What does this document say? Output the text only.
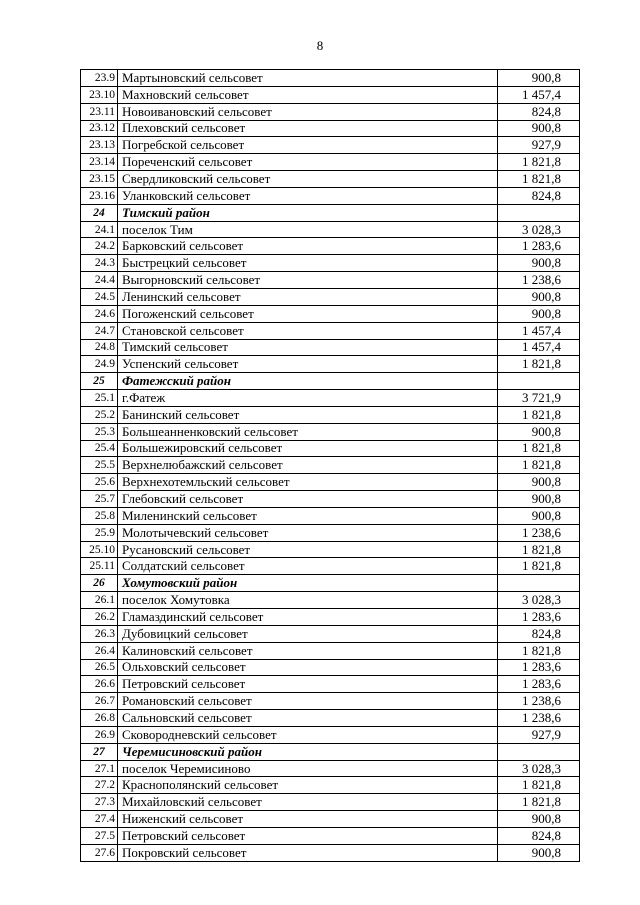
8
23.9	Мартыновский сельсовет	900,8
23.10	Махновский сельсовет	1 457,4
23.11	Новоивановский сельсовет	824,8
23.12	Плеховский сельсовет	900,8
23.13	Погребской сельсовет	927,9
23.14	Пореченский сельсовет	1 821,8
23.15	Свердликовский сельсовет	1 821,8
23.16	Уланковский сельсовет	824,8
24	Тимский район	
24.1	поселок Тим	3 028,3
24.2	Барковский сельсовет	1 283,6
24.3	Быстрецкий сельсовет	900,8
24.4	Выгорновский сельсовет	1 238,6
24.5	Ленинский сельсовет	900,8
24.6	Погоженский сельсовет	900,8
24.7	Становской сельсовет	1 457,4
24.8	Тимский сельсовет	1 457,4
24.9	Успенский сельсовет	1 821,8
25	Фатежский район	
25.1	г.Фатеж	3 721,9
25.2	Банинский сельсовет	1 821,8
25.3	Большеанненковский сельсовет	900,8
25.4	Большежировский сельсовет	1 821,8
25.5	Верхнелюбажский сельсовет	1 821,8
25.6	Верхнехотемльский сельсовет	900,8
25.7	Глебовский сельсовет	900,8
25.8	Миленинский сельсовет	900,8
25.9	Молотычевский сельсовет	1 238,6
25.10	Русановский сельсовет	1 821,8
25.11	Солдатский сельсовет	1 821,8
26	Хомутовский район	
26.1	поселок Хомутовка	3 028,3
26.2	Гламаздинский сельсовет	1 283,6
26.3	Дубовицкий сельсовет	824,8
26.4	Калиновский сельсовет	1 821,8
26.5	Ольховский сельсовет	1 283,6
26.6	Петровский сельсовет	1 283,6
26.7	Романовский сельсовет	1 238,6
26.8	Сальновский сельсовет	1 238,6
26.9	Сковородневский сельсовет	927,9
27	Черемисиновский район	
27.1	поселок Черемисиново	3 028,3
27.2	Краснополянский сельсовет	1 821,8
27.3	Михайловский сельсовет	1 821,8
27.4	Ниженский сельсовет	900,8
27.5	Петровский сельсовет	824,8
27.6	Покровский сельсовет	900,8
